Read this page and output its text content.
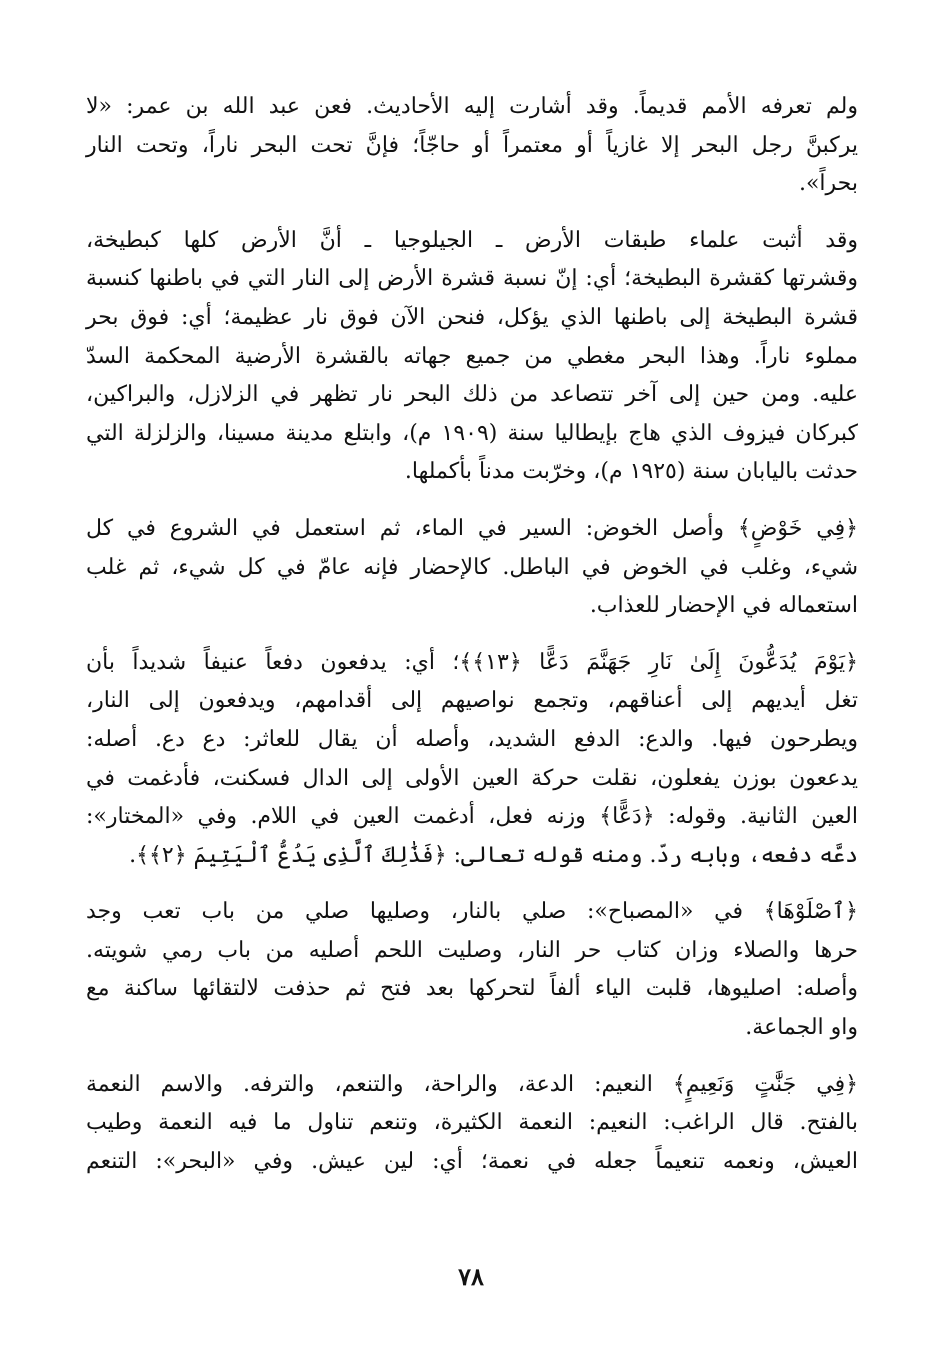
ولم تعرفه الأمم قديماً. وقد أشارت إليه الأحاديث. فعن عبد الله بن عمر: «لا
يركبنَّ رجل البحر إلا غازياً أو معتمراً أو حاجّاً؛ فإنَّ تحت البحر ناراً، وتحت النار
بحراً».
وقد أثبت علماء طبقات الأرض ـ الجيلوجيا ـ أنَّ الأرض كلها كبطيخة،
وقشرتها كقشرة البطيخة؛ أي: إنّ نسبة قشرة الأرض إلى النار التي في باطنها كنسبة
قشرة البطيخة إلى باطنها الذي يؤكل، فنحن الآن فوق نار عظيمة؛ أي: فوق بحر
مملوء ناراً. وهذا البحر مغطي من جميع جهاته بالقشرة الأرضية المحكمة السدّ
عليه. ومن حين إلى آخر تتصاعد من ذلك البحر نار تظهر في الزلازل، والبراكين،
كبركان فيزوف الذي هاج بإيطاليا سنة (١٩٠٩ م)، وابتلع مدينة مسينا، والزلزلة التي
حدثت باليابان سنة (١٩٢٥ م)، وخرّبت مدناً بأكملها.
﴿فِي خَوْضٍ﴾ وأصل الخوض: السير في الماء، ثم استعمل في الشروع في كل
شيء، وغلب في الخوض في الباطل. كالإحضار فإنه عامّ في كل شيء، ثم غلب
استعماله في الإحضار للعذاب.
﴿يَوْمَ يُدَعُّونَ إِلَىٰ نَارِ جَهَنَّمَ دَعًّا ﴿١٣﴾﴾؛ أي: يدفعون دفعاً عنيفاً شديداً بأن
تغل أيديهم إلى أعناقهم، وتجمع نواصيهم إلى أقدامهم، ويدفعون إلى النار،
ويطرحون فيها. والدع: الدفع الشديد، وأصله أن يقال للعاثر: دع دع. أصله:
يدععون بوزن يفعلون، نقلت حركة العين الأولى إلى الدال فسكنت، فأدغمت في
العين الثانية. وقوله: ﴿دَعًّا﴾ وزنه فعل، أدغمت العين في اللام. وفي «المختار»:
دعَّه دفعه، وبابه ردّ. ومنه قوله تعالى: ﴿فَذَٰلِكَ ٱلَّذِى يَدُعُّ ٱلْيَتِيمَ ﴿٢﴾﴾.
﴿ٱصْلَوْهَا﴾ في «المصباح»: صلي بالنار، وصليها صلي من باب تعب وجد
حرها والصلاء وزان كتاب حر النار، وصليت اللحم أصليه من باب رمي شويته.
وأصله: اصليوها، قلبت الياء ألفاً لتحركها بعد فتح ثم حذفت لالتقائها ساكنة مع
واو الجماعة.
﴿فِي جَنَّٰتٍ وَنَعِيمٍ﴾ النعيم: الدعة، والراحة، والتنعم، والترفه. والاسم النعمة
بالفتح. قال الراغب: النعيم: النعمة الكثيرة، وتنعم تناول ما فيه النعمة وطيب
العيش، ونعمه تنعيماً جعله في نعمة؛ أي: لين عيش. وفي «البحر»: التنعم
٧٨
